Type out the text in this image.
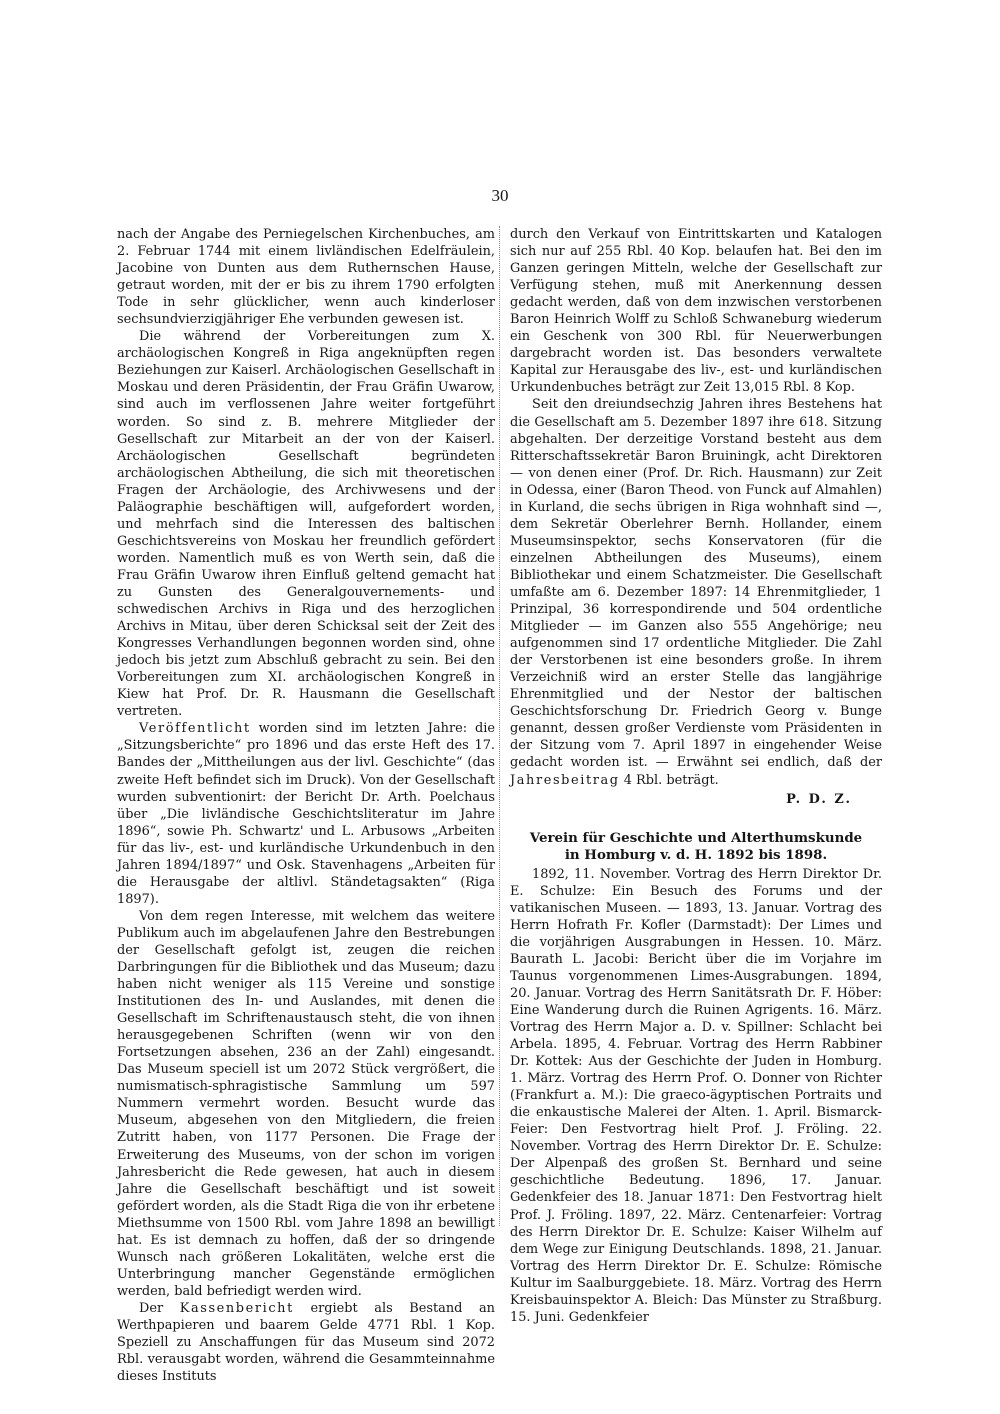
30

nach der Angabe des Perniegelschen Kirchenbuches, am 2. Februar 1744 mit einem livländischen Edelfräulein, Jacobine von Dunten aus dem Ruthernschen Hause, getraut worden, mit der er bis zu ihrem 1790 erfolgten Tode in sehr glücklicher, wenn auch kinderloser sechsundvierzigjähriger Ehe verbunden gewesen ist.

Die während der Vorbereitungen zum X. archäologischen Kongreß in Riga angeknüpften regen Beziehungen zur Kaiserl. Archäologischen Gesellschaft in Moskau und deren Präsidentin, der Frau Gräfin Uwarow, sind auch im verflossenen Jahre weiter fortgeführt worden. So sind z. B. mehrere Mitglieder der Gesellschaft zur Mitarbeit an der von der Kaiserl. Archäologischen Gesellschaft begründeten archäologischen Abtheilung, die sich mit theoretischen Fragen der Archäologie, des Archivwesens und der Paläographie beschäftigen will, aufgefordert worden, und mehrfach sind die Interessen des baltischen Geschichtsvereins von Moskau her freundlich gefördert worden. Namentlich muß es von Werth sein, daß die Frau Gräfin Uwarow ihren Einfluß geltend gemacht hat zu Gunsten des Generalgouvernements- und schwedischen Archivs in Riga und des herzoglichen Archivs in Mitau, über deren Schicksal seit der Zeit des Kongresses Verhandlungen begonnen worden sind, ohne jedoch bis jetzt zum Abschluß gebracht zu sein. Bei den Vorbereitungen zum XI. archäologischen Kongreß in Kiew hat Prof. Dr. R. Hausmann die Gesellschaft vertreten.

Veröffentlicht worden sind im letzten Jahre: die „Sitzungsberichte“ pro 1896 und das erste Heft des 17. Bandes der „Mittheilungen aus der livl. Geschichte“ (das zweite Heft befindet sich im Druck). Von der Gesellschaft wurden subventionirt: der Bericht Dr. Arth. Poelchaus über „Die livländische Geschichtsliteratur im Jahre 1896“, sowie Ph. Schwartz' und L. Arbusows „Arbeiten für das liv-, est- und kurländische Urkundenbuch in den Jahren 1894/1897“ und Osk. Stavenhagens „Arbeiten für die Herausgabe der altlivl. Ständetagsakten“ (Riga 1897).

Von dem regen Interesse, mit welchem das weitere Publikum auch im abgelaufenen Jahre den Bestrebungen der Gesellschaft gefolgt ist, zeugen die reichen Darbringungen für die Bibliothek und das Museum; dazu haben nicht weniger als 115 Vereine und sonstige Institutionen des In- und Auslandes, mit denen die Gesellschaft im Schriftenaustausch steht, die von ihnen herausgegebenen Schriften (wenn wir von den Fortsetzungen absehen, 236 an der Zahl) eingesandt. Das Museum speciell ist um 2072 Stück vergrößert, die numismatisch-sphragistische Sammlung um 597 Nummern vermehrt worden. Besucht wurde das Museum, abgesehen von den Mitgliedern, die freien Zutritt haben, von 1177 Personen. Die Frage der Erweiterung des Museums, von der schon im vorigen Jahresbericht die Rede gewesen, hat auch in diesem Jahre die Gesellschaft beschäftigt und ist soweit gefördert worden, als die Stadt Riga die von ihr erbetene Miethsumme von 1500 Rbl. vom Jahre 1898 an bewilligt hat. Es ist demnach zu hoffen, daß der so dringende Wunsch nach größeren Lokalitäten, welche erst die Unterbringung mancher Gegenstände ermöglichen werden, bald befriedigt werden wird.

Der Kassenbericht ergiebt als Bestand an Werthpapieren und baarem Gelde 4771 Rbl. 1 Kop. Speziell zu Anschaffungen für das Museum sind 2072 Rbl. verausgabt worden, während die Gesammteinnahme dieses Instituts

durch den Verkauf von Eintrittskarten und Katalogen sich nur auf 255 Rbl. 40 Kop. belaufen hat. Bei den im Ganzen geringen Mitteln, welche der Gesellschaft zur Verfügung stehen, muß mit Anerkennung dessen gedacht werden, daß von dem inzwischen verstorbenen Baron Heinrich Wolff zu Schloß Schwaneburg wiederum ein Geschenk von 300 Rbl. für Neuerwerbungen dargebracht worden ist. Das besonders verwaltete Kapital zur Herausgabe des liv-, est- und kurländischen Urkundenbuches beträgt zur Zeit 13,015 Rbl. 8 Kop.

Seit den dreiundsechzig Jahren ihres Bestehens hat die Gesellschaft am 5. Dezember 1897 ihre 618. Sitzung abgehalten. Der derzeitige Vorstand besteht aus dem Ritterschaftssekretär Baron Bruiningk, acht Direktoren — von denen einer (Prof. Dr. Rich. Hausmann) zur Zeit in Odessa, einer (Baron Theod. von Funck auf Almahlen) in Kurland, die sechs übrigen in Riga wohnhaft sind —, dem Sekretär Oberlehrer Bernh. Hollander, einem Museumsinspektor, sechs Konservatoren (für die einzelnen Abtheilungen des Museums), einem Bibliothekar und einem Schatzmeister. Die Gesellschaft umfaßte am 6. Dezember 1897: 14 Ehrenmitglieder, 1 Prinzipal, 36 korrespondirende und 504 ordentliche Mitglieder — im Ganzen also 555 Angehörige; neu aufgenommen sind 17 ordentliche Mitglieder. Die Zahl der Verstorbenen ist eine besonders große. In ihrem Verzeichniß wird an erster Stelle das langjährige Ehrenmitglied und der Nestor der baltischen Geschichtsforschung Dr. Friedrich Georg v. Bunge genannt, dessen großer Verdienste vom Präsidenten in der Sitzung vom 7. April 1897 in eingehender Weise gedacht worden ist. — Erwähnt sei endlich, daß der Jahresbeitrag 4 Rbl. beträgt.

P. D. Z.

Verein für Geschichte und Alterthumskunde
in Homburg v. d. H. 1892 bis 1898.

1892, 11. November. Vortrag des Herrn Direktor Dr. E. Schulze: Ein Besuch des Forums und der vatikanischen Museen. — 1893, 13. Januar. Vortrag des Herrn Hofrath Fr. Kofler (Darmstadt): Der Limes und die vorjährigen Ausgrabungen in Hessen. 10. März. Baurath L. Jacobi: Bericht über die im Vorjahre im Taunus vorgenommenen Limes-Ausgrabungen. 1894, 20. Januar. Vortrag des Herrn Sanitätsrath Dr. F. Höber: Eine Wanderung durch die Ruinen Agrigents. 16. März. Vortrag des Herrn Major a. D. v. Spillner: Schlacht bei Arbela. 1895, 4. Februar. Vortrag des Herrn Rabbiner Dr. Kottek: Aus der Geschichte der Juden in Homburg. 1. März. Vortrag des Herrn Prof. O. Donner von Richter (Frankfurt a. M.): Die graeco-ägyptischen Portraits und die enkaustische Malerei der Alten. 1. April. Bismarck-Feier: Den Festvortrag hielt Prof. J. Fröling. 22. November. Vortrag des Herrn Direktor Dr. E. Schulze: Der Alpenpaß des großen St. Bernhard und seine geschichtliche Bedeutung. 1896, 17. Januar. Gedenkfeier des 18. Januar 1871: Den Festvortrag hielt Prof. J. Fröling. 1897, 22. März. Centenarfeier: Vortrag des Herrn Direktor Dr. E. Schulze: Kaiser Wilhelm auf dem Wege zur Einigung Deutschlands. 1898, 21. Januar. Vortrag des Herrn Direktor Dr. E. Schulze: Römische Kultur im Saalburggebiete. 18. März. Vortrag des Herrn Kreisbauinspektor A. Bleich: Das Münster zu Straßburg. 15. Juni. Gedenkfeier
